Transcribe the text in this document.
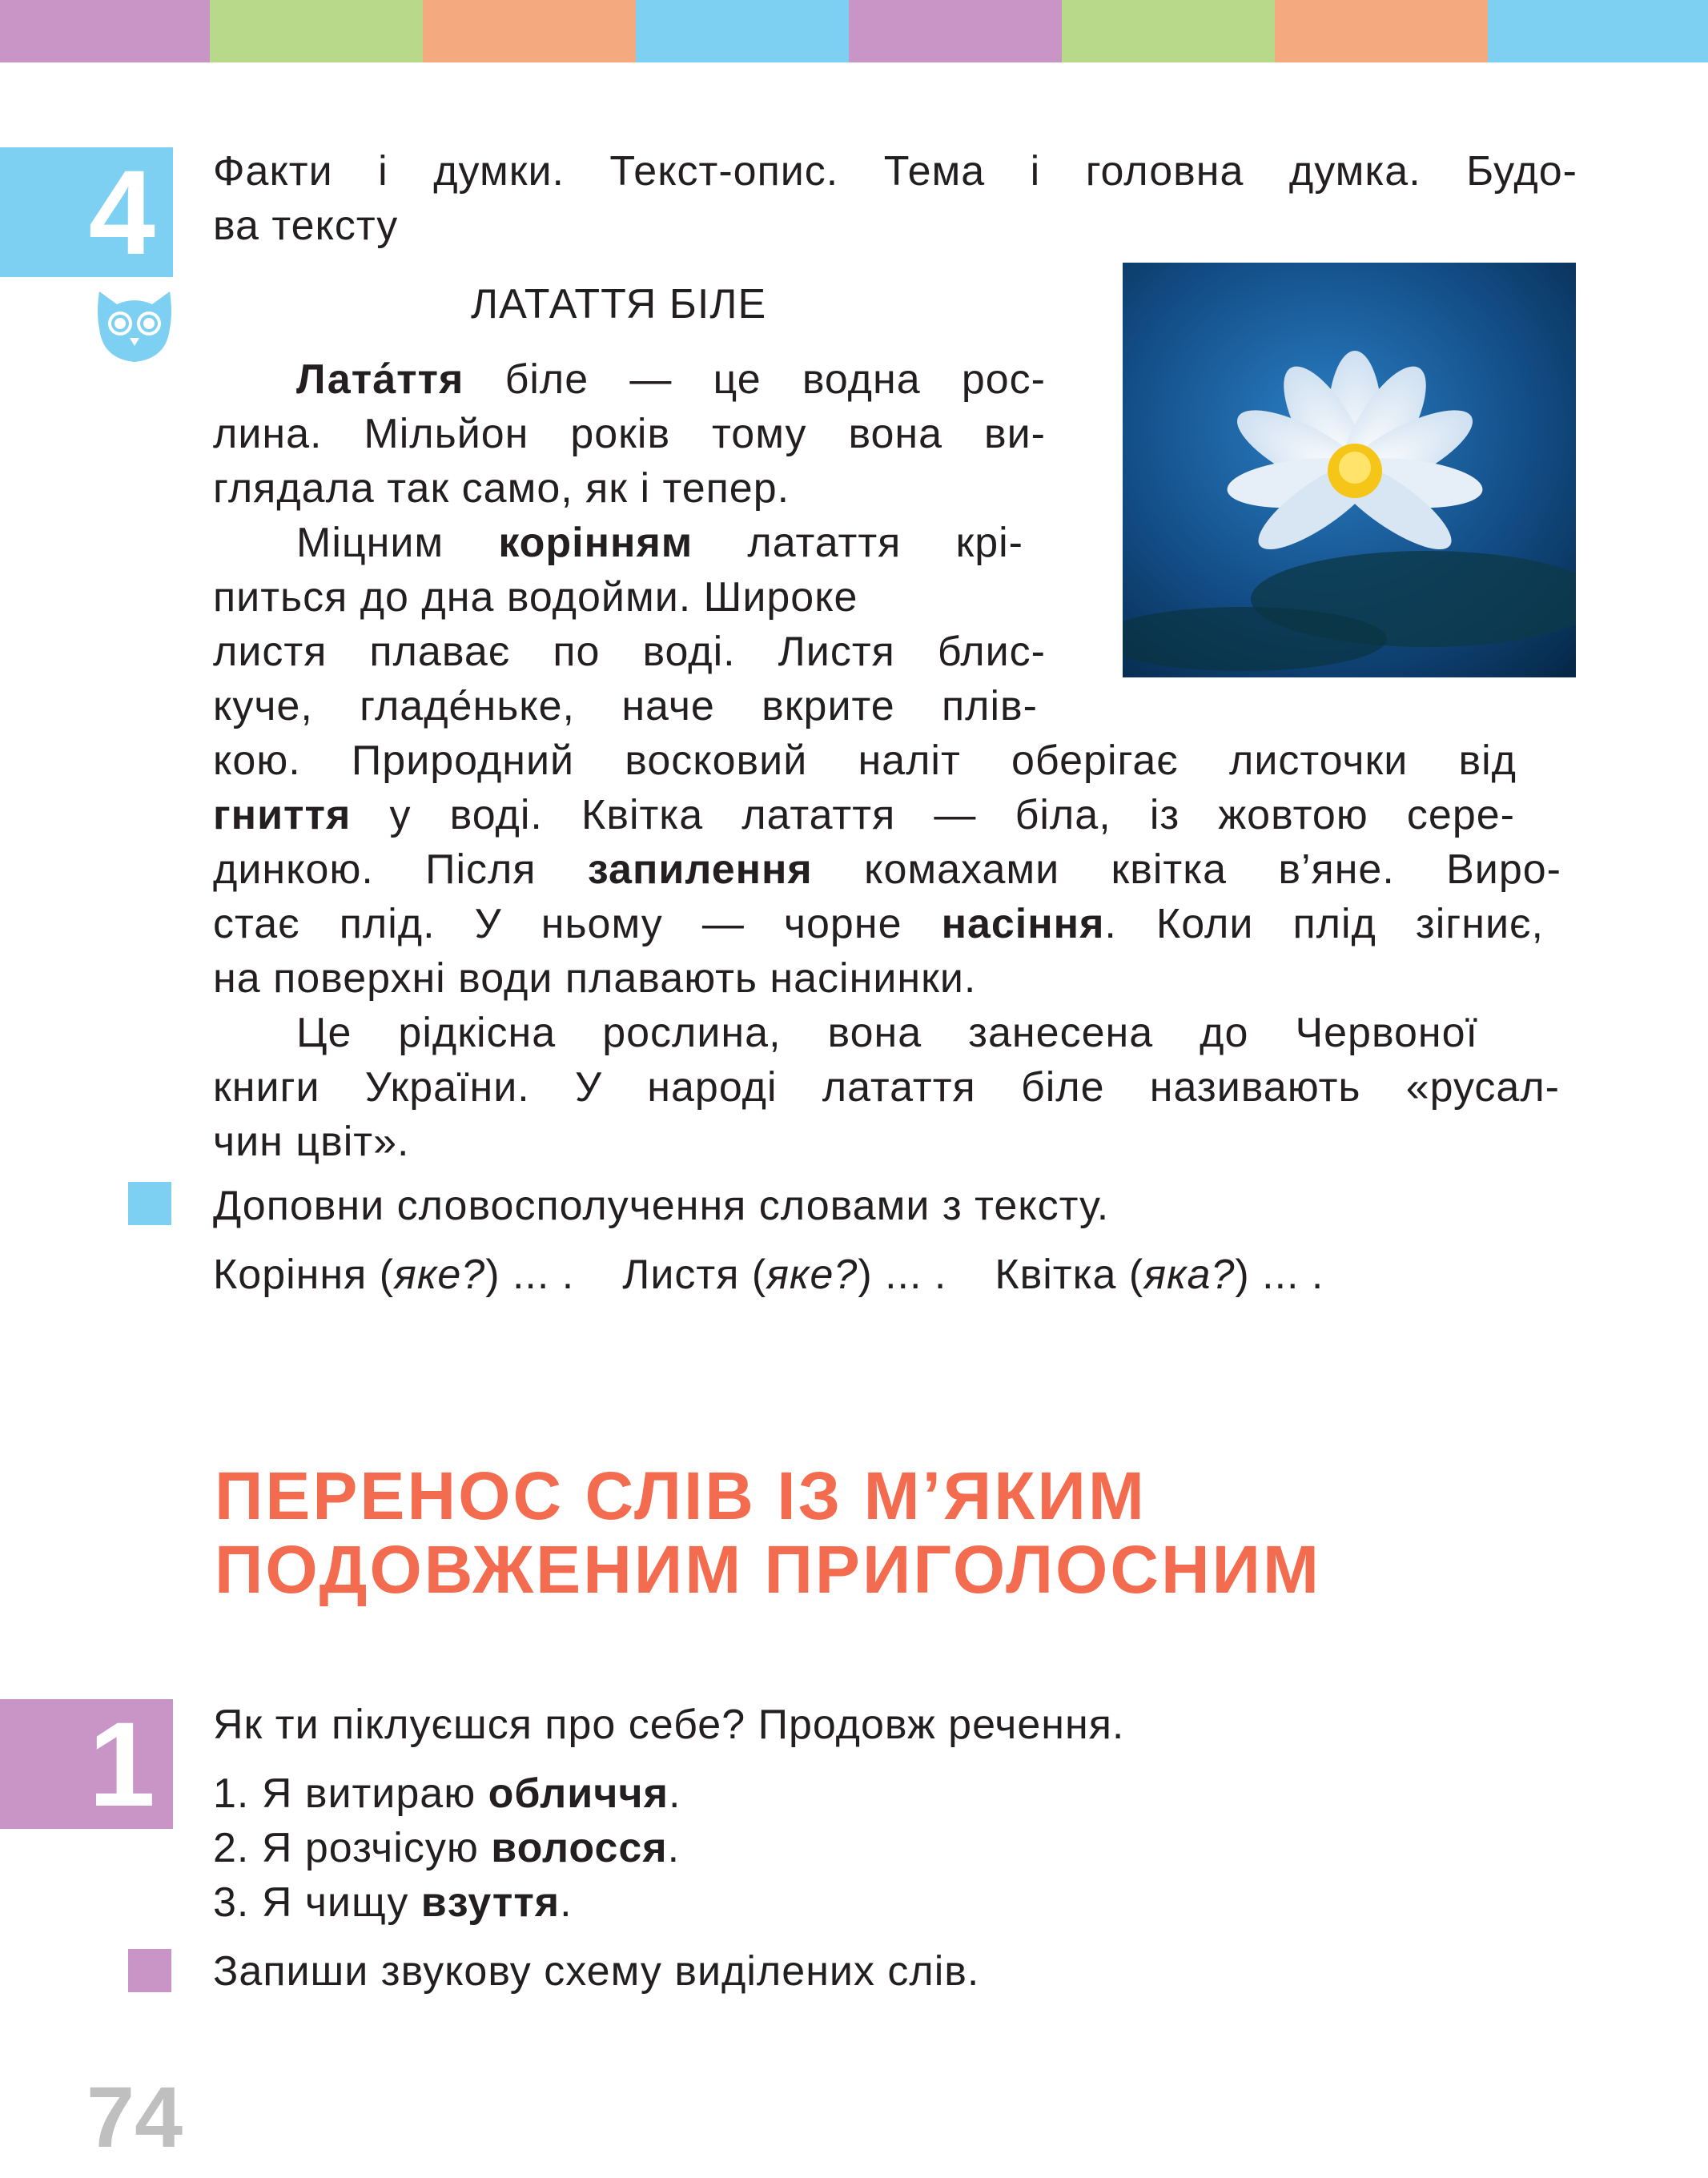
4 Факти і думки. Текст-опис. Тема і головна думка. Будо-

ва тексту

ЛАТАТТЯ БІЛЕ

Лата́ття біле — це водна рос-

лина. Мільйон років тому вона ви-

глядала так само, як і тепер.

Міцним корінням латаття крі-

питься до дна водойми. Широке

листя плаває по воді. Листя блис-

куче, гладе́ньке, наче вкрите плів-

кою. Природний восковий наліт оберігає листочки від

гниття у воді. Квітка латаття — біла, із жовтою сере-

динкою. Після запилення комахами квітка в’яне. Виро-

стає плід. У ньому — чорне насіння. Коли плід зігниє,

на поверхні води плавають насінинки.

Це рідкісна рослина, вона занесена до Червоної

книги України. У народі латаття біле називають «русал-

чин цвіт».

Доповни словосполучення словами з тексту.

Коріння (яке?) ... . Листя (яке?) ... . Квітка (яка?) ... .

ПЕРЕНОС СЛІВ ІЗ М’ЯКИМ
ПОДОВЖЕНИМ ПРИГОЛОСНИМ
1 Як ти піклуєшся про себе? Продовж речення.

1. Я витираю обличчя.

2. Я розчісую волосся.

3. Я чищу взуття.

Запиши звукову схему виділених слів.

74
